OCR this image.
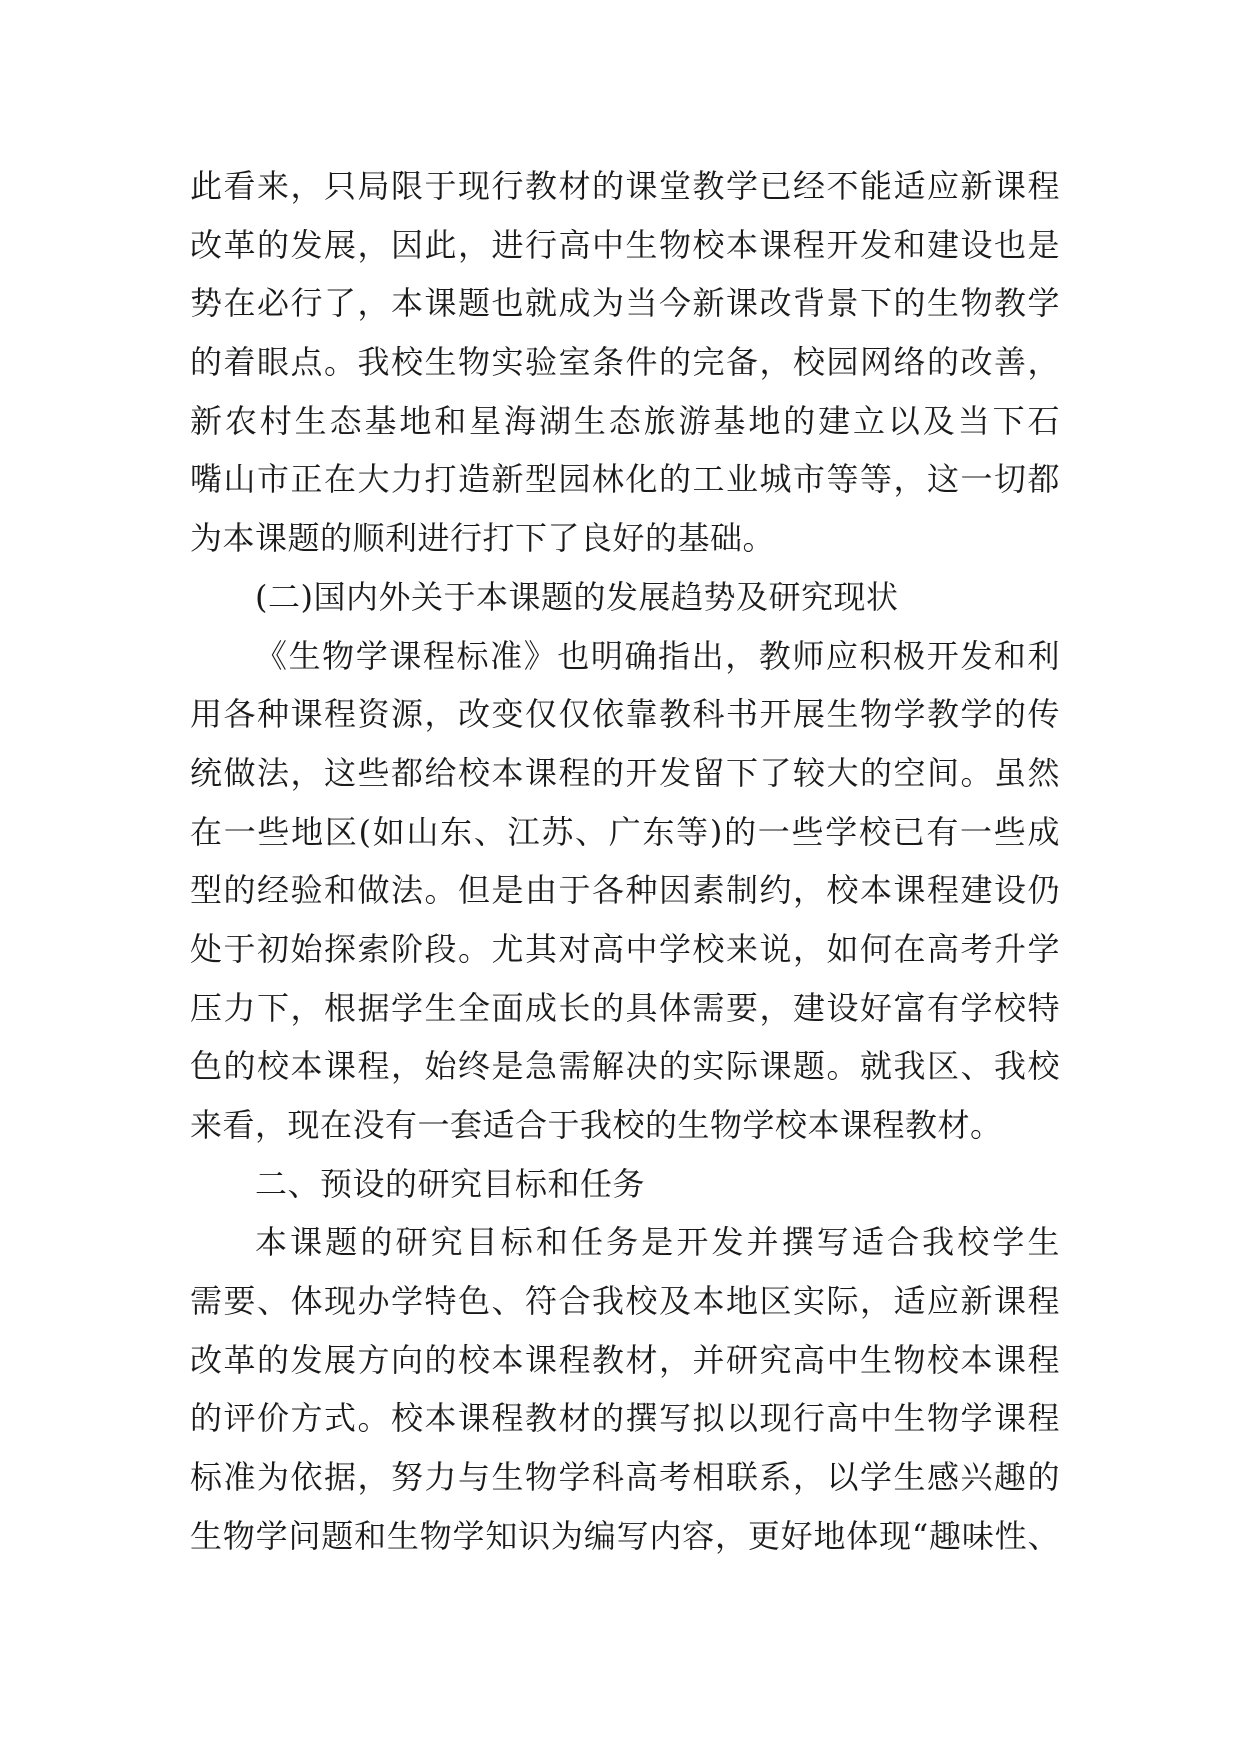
此看来，只局限于现行教材的课堂教学已经不能适应新课程
改革的发展，因此，进行高中生物校本课程开发和建设也是
势在必行了，本课题也就成为当今新课改背景下的生物教学
的着眼点。我校生物实验室条件的完备，校园网络的改善，
新农村生态基地和星海湖生态旅游基地的建立以及当下石
嘴山市正在大力打造新型园林化的工业城市等等，这一切都
为本课题的顺利进行打下了良好的基础。
(二)国内外关于本课题的发展趋势及研究现状
《生物学课程标准》也明确指出，教师应积极开发和利
用各种课程资源，改变仅仅依靠教科书开展生物学教学的传
统做法，这些都给校本课程的开发留下了较大的空间。虽然
在一些地区(如山东、江苏、广东等)的一些学校已有一些成
型的经验和做法。但是由于各种因素制约，校本课程建设仍
处于初始探索阶段。尤其对高中学校来说，如何在高考升学
压力下，根据学生全面成长的具体需要，建设好富有学校特
色的校本课程，始终是急需解决的实际课题。就我区、我校
来看，现在没有一套适合于我校的生物学校本课程教材。
二、预设的研究目标和任务
本课题的研究目标和任务是开发并撰写适合我校学生
需要、体现办学特色、符合我校及本地区实际，适应新课程
改革的发展方向的校本课程教材，并研究高中生物校本课程
的评价方式。校本课程教材的撰写拟以现行高中生物学课程
标准为依据，努力与生物学科高考相联系，以学生感兴趣的
生物学问题和生物学知识为编写内容，更好地体现“趣味性、
